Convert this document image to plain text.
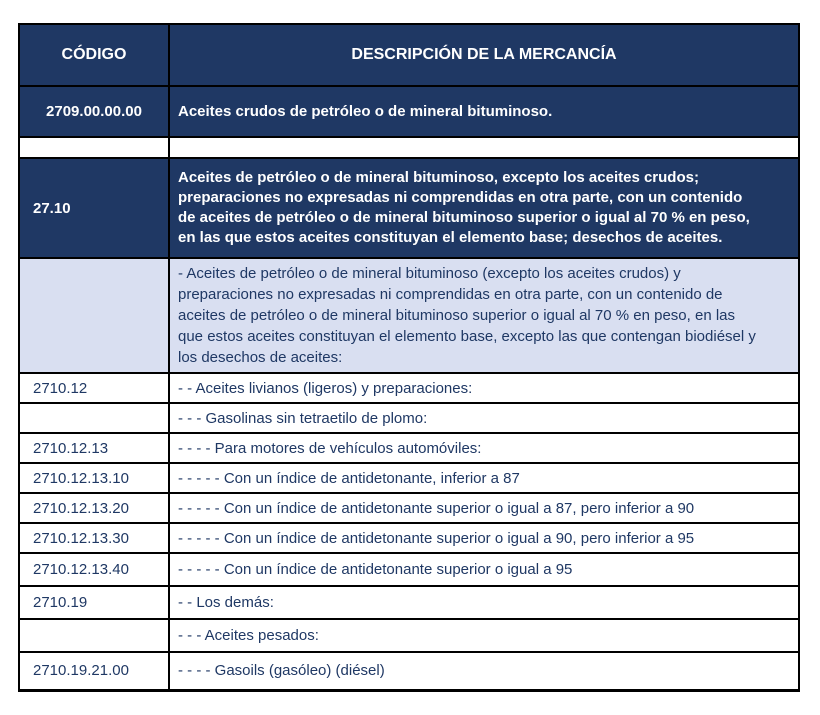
CÓDIGO	DESCRIPCIÓN DE LA MERCANCÍA
2709.00.00.00	Aceites crudos de petróleo o de mineral bituminoso.

27.10	Aceites de petróleo o de mineral bituminoso, excepto los aceites crudos; preparaciones no expresadas ni comprendidas en otra parte, con un contenido de aceites de petróleo o de mineral bituminoso superior o igual al 70 % en peso, en las que estos aceites constituyan el elemento base; desechos de aceites.
	- Aceites de petróleo o de mineral bituminoso (excepto los aceites crudos) y preparaciones no expresadas ni comprendidas en otra parte, con un contenido de aceites de petróleo o de mineral bituminoso superior o igual al 70 % en peso, en las que estos aceites constituyan el elemento base, excepto las que contengan biodiésel y los desechos de aceites:
2710.12	- - Aceites livianos (ligeros) y preparaciones:
	- - - Gasolinas sin tetraetilo de plomo:
2710.12.13	- - - - Para motores de vehículos automóviles:
2710.12.13.10	- - - - - Con un índice de antidetonante, inferior a 87
2710.12.13.20	- - - - - Con un índice de antidetonante superior o igual a 87, pero inferior a 90
2710.12.13.30	- - - - - Con un índice de antidetonante superior o igual a 90, pero inferior a 95
2710.12.13.40	- - - - - Con un índice de antidetonante superior o igual a 95
2710.19	- - Los demás:
	- - - Aceites pesados:
2710.19.21.00	- - - - Gasoils (gasóleo) (diésel)
